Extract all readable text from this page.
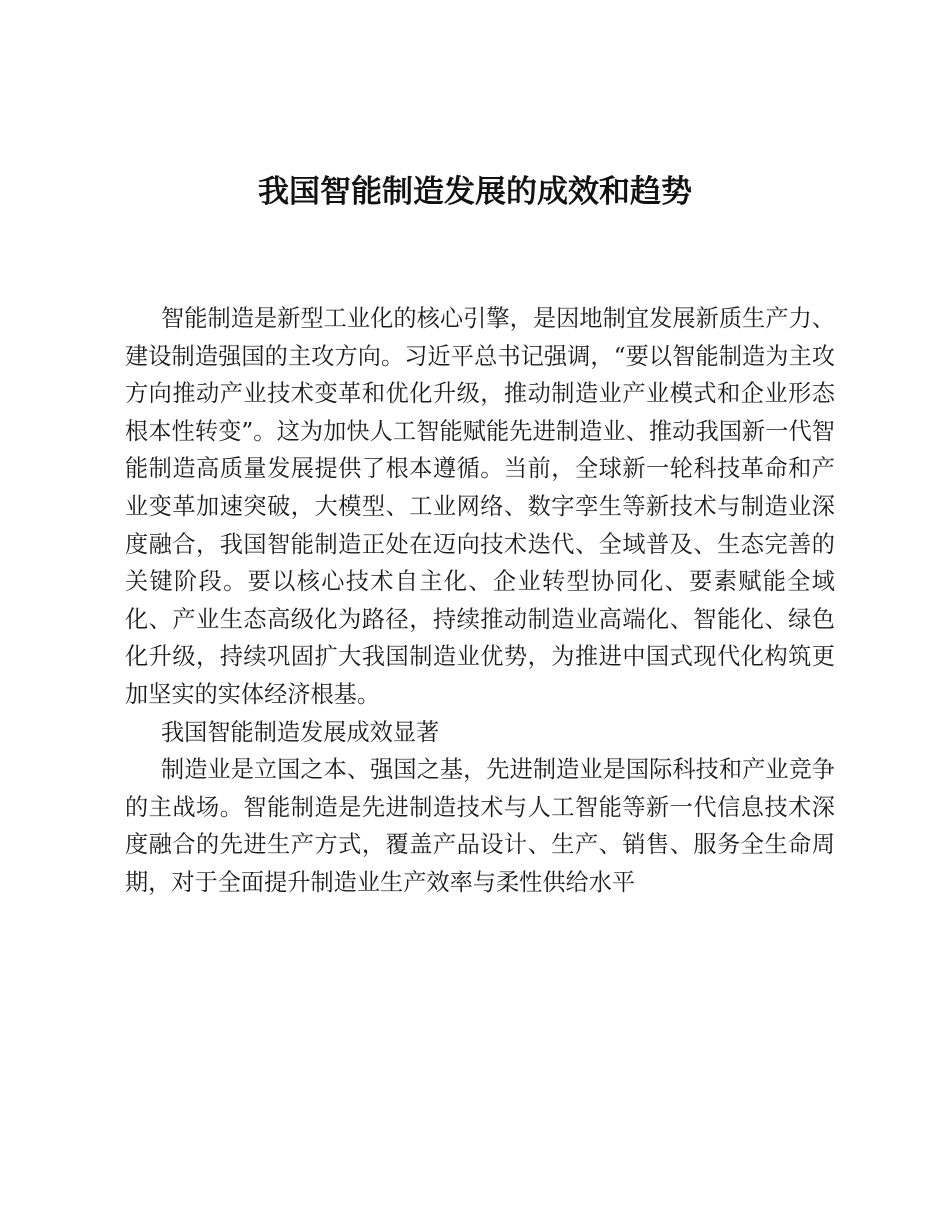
我国智能制造发展的成效和趋势

智能制造是新型工业化的核心引擎，是因地制宜发展新质生产力、建设制造强国的主攻方向。习近平总书记强调，“要以智能制造为主攻方向推动产业技术变革和优化升级，推动制造业产业模式和企业形态根本性转变”。这为加快人工智能赋能先进制造业、推动我国新一代智能制造高质量发展提供了根本遵循。当前，全球新一轮科技革命和产业变革加速突破，大模型、工业网络、数字孪生等新技术与制造业深度融合，我国智能制造正处在迈向技术迭代、全域普及、生态完善的关键阶段。要以核心技术自主化、企业转型协同化、要素赋能全域化、产业生态高级化为路径，持续推动制造业高端化、智能化、绿色化升级，持续巩固扩大我国制造业优势，为推进中国式现代化构筑更加坚实的实体经济根基。

我国智能制造发展成效显著

制造业是立国之本、强国之基，先进制造业是国际科技和产业竞争的主战场。智能制造是先进制造技术与人工智能等新一代信息技术深度融合的先进生产方式，覆盖产品设计、生产、销售、服务全生命周期，对于全面提升制造业生产效率与柔性供给水平
